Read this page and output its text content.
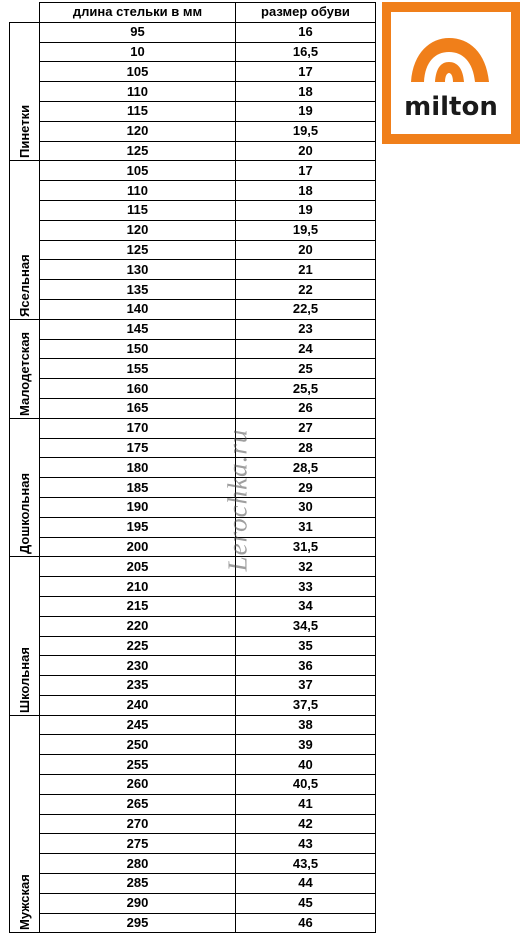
	длина стельки в мм	размер обуви

Пинетки	95	16
	10	16,5
	105	17
	110	18
	115	19
	120	19,5
	125	20

Ясельная	105	17
	110	18
	115	19
	120	19,5
	125	20
	130	21
	135	22
	140	22,5

Малодетская	145	23
	150	24
	155	25
	160	25,5
	165	26

Дошкольная	170	27
	175	28
	180	28,5
	185	29
	190	30
	195	31
	200	31,5

Школьная	205	32
	210	33
	215	34
	220	34,5
	225	35
	230	36
	235	37
	240	37,5

Мужская	245	38
	250	39
	255	40
	260	40,5
	265	41
	270	42
	275	43
	280	43,5
	285	44
	290	45
	295	46
milton
Lerochka.ru
